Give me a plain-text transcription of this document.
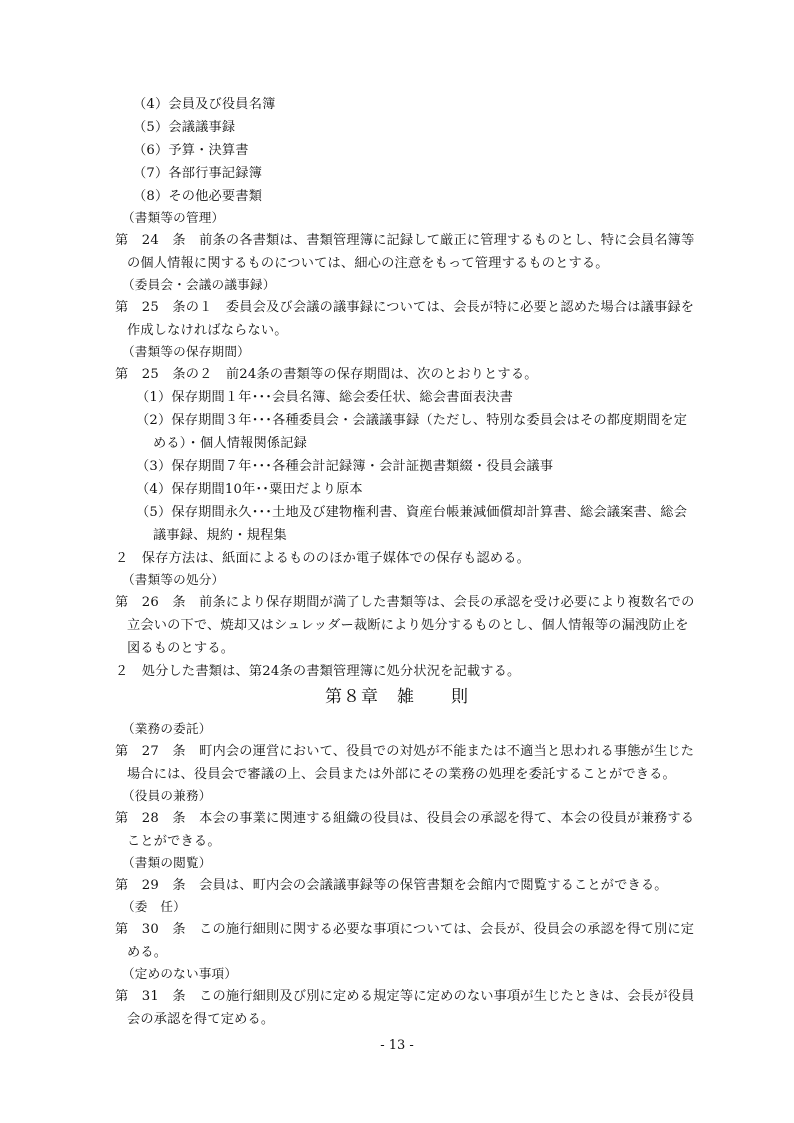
（4）会員及び役員名簿
（5）会議議事録
（6）予算・決算書
（7）各部行事記録簿
（8）その他必要書類
（書類等の管理）
第　24　条　前条の各書類は、書類管理簿に記録して厳正に管理するものとし、特に会員名簿等
の個人情報に関するものについては、細心の注意をもって管理するものとする。
（委員会・会議の議事録）
第　25　条の１　委員会及び会議の議事録については、会長が特に必要と認めた場合は議事録を
作成しなければならない。
（書類等の保存期間）
第　25　条の２　前24条の書類等の保存期間は、次のとおりとする。
（1）保存期間１年･･･会員名簿、総会委任状、総会書面表決書
（2）保存期間３年･･･各種委員会・会議議事録（ただし、特別な委員会はその都度期間を定
める）・個人情報関係記録
（3）保存期間７年･･･各種会計記録簿・会計証拠書類綴・役員会議事
（4）保存期間10年･･粟田だより原本
（5）保存期間永久･･･土地及び建物権利書、資産台帳兼減価償却計算書、総会議案書、総会
議事録、規約・規程集
２　保存方法は、紙面によるもののほか電子媒体での保存も認める。
（書類等の処分）
第　26　条　前条により保存期間が満了した書類等は、会長の承認を受け必要により複数名での
立会いの下で、焼却又はシュレッダー裁断により処分するものとし、個人情報等の漏洩防止を
図るものとする。
２　処分した書類は、第24条の書類管理簿に処分状況を記載する。
第８章　雑　　則
（業務の委託）
第　27　条　町内会の運営において、役員での対処が不能または不適当と思われる事態が生じた
場合には、役員会で審議の上、会員または外部にその業務の処理を委託することができる。
（役員の兼務）
第　28　条　本会の事業に関連する組織の役員は、役員会の承認を得て、本会の役員が兼務する
ことができる。
（書類の閲覧）
第　29　条　会員は、町内会の会議議事録等の保管書類を会館内で閲覧することができる。
（委　任）
第　30　条　この施行細則に関する必要な事項については、会長が、役員会の承認を得て別に定
める。
（定めのない事項）
第　31　条　この施行細則及び別に定める規定等に定めのない事項が生じたときは、会長が役員
会の承認を得て定める。
- 13 -
